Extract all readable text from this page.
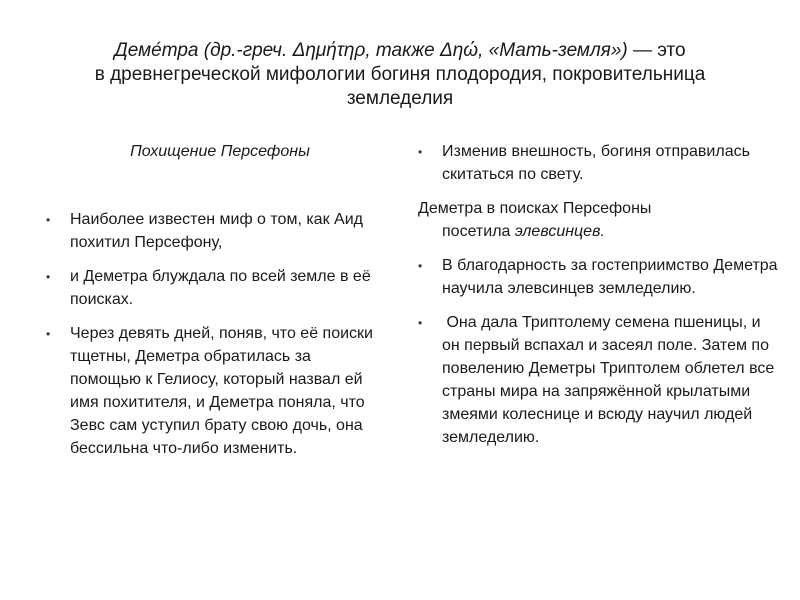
Деме́тра (др.-греч. Δημήτηρ, также Δηώ, «Мать-земля») — это
в древнегреческой мифологии богиня плодородия, покровительница
земледелия
Похищение Персефоны
• Наиболее известен миф о том, как Аид похитил Персефону,
• и Деметра блуждала по всей земле в её поисках.
• Через девять дней, поняв, что её поиски тщетны, Деметра обратилась за помощью к Гелиосу, который назвал ей имя похитителя, и Деметра поняла, что Зевс сам уступил брату свою дочь, она бессильна что-либо изменить.
• Изменив внешность, богиня отправилась скитаться по свету.
Деметра в поисках Персефоны
посетила элевсинцев.
• В благодарность за гостеприимство Деметра научила элевсинцев земледелию.
• Она дала Триптолему семена пшеницы, и он первый вспахал и засеял поле. Затем по повелению Деметры Триптолем облетел все страны мира на запряжённой крылатыми змеями колеснице и всюду научил людей земледелию.
